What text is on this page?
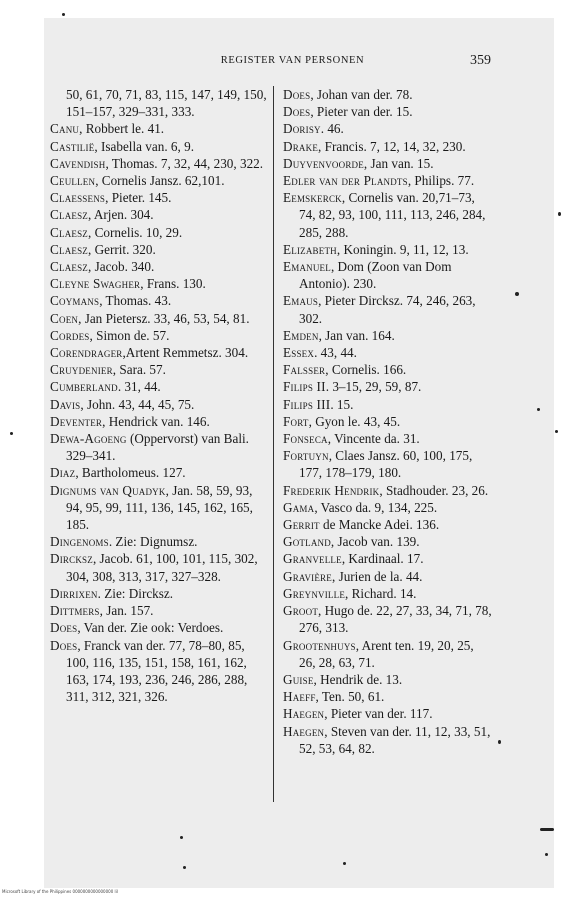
REGISTER VAN PERSONEN	359

50, 61, 70, 71, 83, 115, 147, 149, 150, 151–157, 329–331, 333.

Canu, Robbert le. 41.

Castilië, Isabella van. 6, 9.

Cavendish, Thomas. 7, 32, 44, 230, 322.

Ceullen, Cornelis Jansz. 62,101.

Claessens, Pieter. 145.

Claesz, Arjen. 304.

Claesz, Cornelis. 10, 29.

Claesz, Gerrit. 320.

Claesz, Jacob. 340.

Cleyne Swagher, Frans. 130.

Coymans, Thomas. 43.

Coen, Jan Pietersz. 33, 46, 53, 54, 81.

Cordes, Simon de. 57.

Corendrager,Artent Remmetsz. 304.

Cruydenier, Sara. 57.

Cumberland. 31, 44.

Davis, John. 43, 44, 45, 75.

Deventer, Hendrick van. 146.

Dewa-Agoeng (Oppervorst) van Bali. 329–341.

Diaz, Bartholomeus. 127.

Dignums van Quadyk, Jan. 58, 59, 93, 94, 95, 99, 111, 136, 145, 162, 165, 185.

Dingenoms. Zie: Dignumsz.

Dircksz, Jacob. 61, 100, 101, 115, 302, 304, 308, 313, 317, 327–328.

Dirrixen. Zie: Dircksz.

Dittmers, Jan. 157.

Does, Van der. Zie ook: Verdoes.

Does, Franck van der. 77, 78–80, 85, 100, 116, 135, 151, 158, 161, 162, 163, 174, 193, 236, 246, 286, 288, 311, 312, 321, 326.

Does, Johan van der. 78.

Does, Pieter van der. 15.

Dorisy. 46.

Drake, Francis. 7, 12, 14, 32, 230.

Duyvenvoorde, Jan van. 15.

Edler van der Plandts, Philips. 77.

Eemskerck, Cornelis van. 20,71–73, 74, 82, 93, 100, 111, 113, 246, 284, 285, 288.

Elizabeth, Koningin. 9, 11, 12, 13.

Emanuel, Dom (Zoon van Dom Antonio). 230.

Emaus, Pieter Dircksz. 74, 246, 263, 302.

Emden, Jan van. 164.

Essex. 43, 44.

Falsser, Cornelis. 166.

Filips II. 3–15, 29, 59, 87.

Filips III. 15.

Fort, Gyon le. 43, 45.

Fonseca, Vincente da. 31.

Fortuyn, Claes Jansz. 60, 100, 175, 177, 178–179, 180.

Frederik Hendrik, Stadhouder. 23, 26.

Gama, Vasco da. 9, 134, 225.

Gerrit de Mancke Adei. 136.

Gotland, Jacob van. 139.

Granvelle, Kardinaal. 17.

Gravière, Jurien de la. 44.

Greynville, Richard. 14.

Groot, Hugo de. 22, 27, 33, 34, 71, 78, 276, 313.

Grootenhuys, Arent ten. 19, 20, 25, 26, 28, 63, 71.

Guise, Hendrik de. 13.

Haeff, Ten. 50, 61.

Haegen, Pieter van der. 117.

Haegen, Steven van der. 11, 12, 33, 51, 52, 53, 64, 82.

Microsoft Library of the Philippines 0000000000000000 lil
